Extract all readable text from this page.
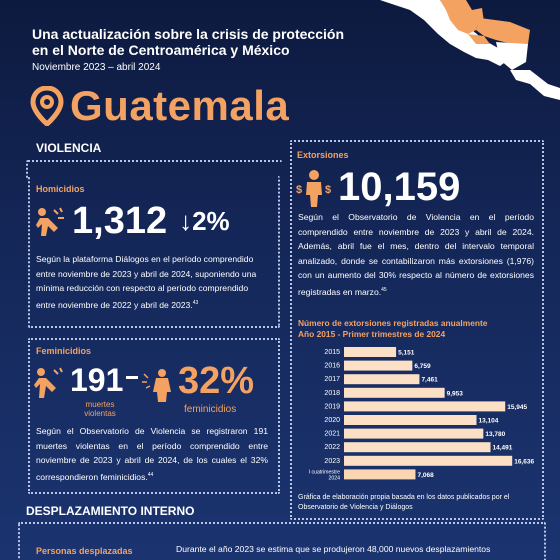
Una actualización sobre la crisis de protección
en el Norte de Centroamérica y México
Noviembre 2023 – abril 2024
Guatemala
VIOLENCIA
Homicidios
1,312 ↓2%
Según la plataforma Diálogos en el período comprendido entre noviembre de 2023 y abril de 2024, suponiendo una mínima reducción con respecto al período comprendido entre noviembre de 2022 y abril de 2023.43
Feminicidios
191
muertes
violentas
32%
feminicidios
Según el Observatorio de Violencia se registraron 191 muertes violentas en el período comprendido entre noviembre de 2023 y abril de 2024, de los cuales el 32% correspondieron feminicidios.$^{44}$
Extorsiones
$ $ 10,159
Según el Observatorio de Violencia en el período comprendido entre noviembre de 2023 y abril de 2024. Además, abril fue el mes, dentro del intervalo temporal analizado, donde se contabilizaron más extorsiones (1,976) con un aumento del 30% respecto al número de extorsiones registradas en marzo.$^{45}$
Número de extorsiones registradas anualmente
Año 2015 - Primer trimestres de 2024
2015	5,151
2016	6,759
2017	7,461
2018	9,953
2019	15,945
2020	13,104
2021	13,780
2022	14,491
2023	16,636
I cuatrimestre 2024	7,068
Gráfica de elaboración propia basada en los datos publicados por el Observatorio de Violencia y Diálogos
DESPLAZAMIENTO INTERNO
Personas desplazadas	Durante el año 2023 se estima que se produjeron 48,000 nuevos desplazamientos
